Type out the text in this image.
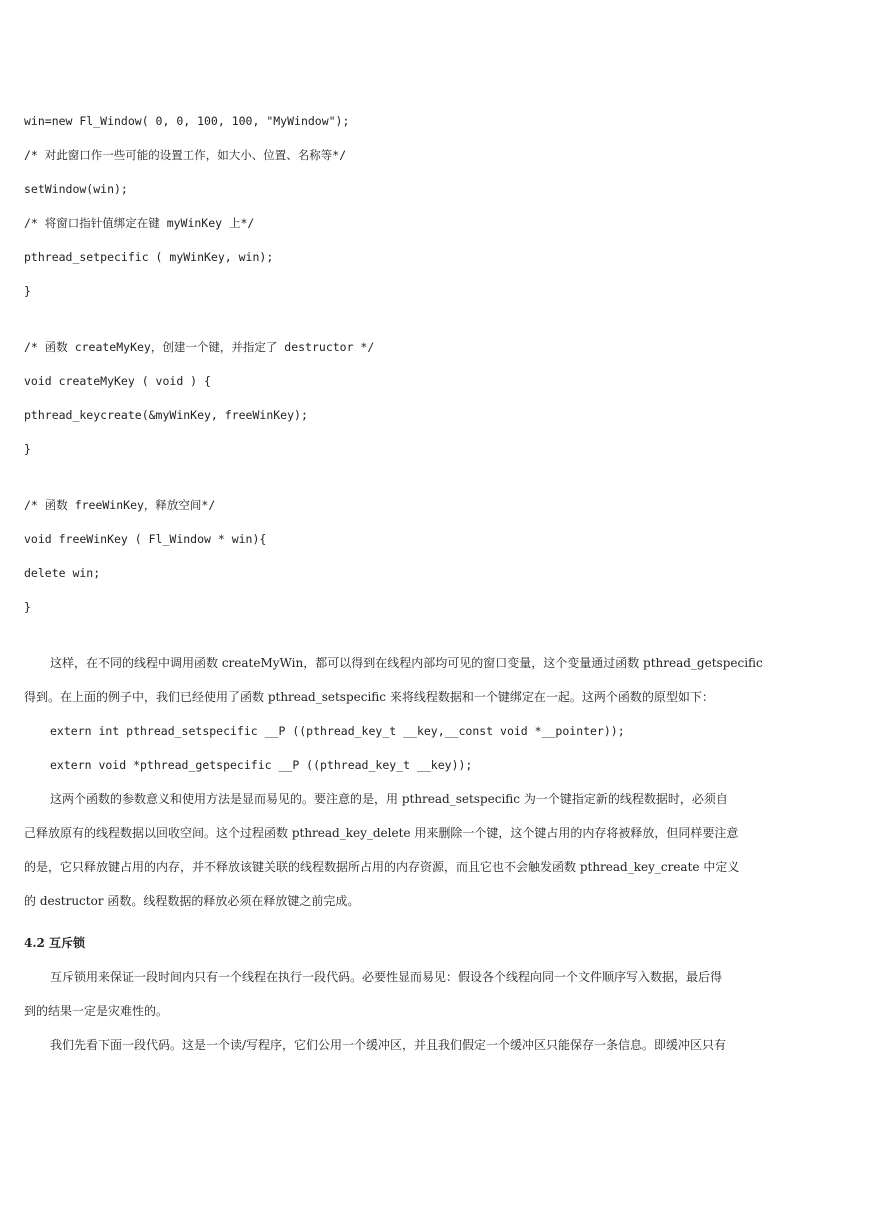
win=new Fl_Window( 0, 0, 100, 100, "MyWindow");
/* 对此窗口作一些可能的设置工作，如大小、位置、名称等*/
setWindow(win);
/* 将窗口指针值绑定在键 myWinKey 上*/
pthread_setpecific ( myWinKey, win);
}
/* 函数 createMyKey，创建一个键，并指定了 destructor */
void createMyKey ( void ) {
pthread_keycreate(&myWinKey, freeWinKey);
}
/* 函数 freeWinKey，释放空间*/
void freeWinKey ( Fl_Window * win){
delete win;
}
这样，在不同的线程中调用函数 createMyWin，都可以得到在线程内部均可见的窗口变量，这个变量通过函数 pthread_getspecific
得到。在上面的例子中，我们已经使用了函数 pthread_setspecific 来将线程数据和一个键绑定在一起。这两个函数的原型如下：
extern int pthread_setspecific __P ((pthread_key_t __key,__const void *__pointer));
extern void *pthread_getspecific __P ((pthread_key_t __key));
这两个函数的参数意义和使用方法是显而易见的。要注意的是，用 pthread_setspecific 为一个键指定新的线程数据时，必须自
己释放原有的线程数据以回收空间。这个过程函数 pthread_key_delete 用来删除一个键，这个键占用的内存将被释放，但同样要注意
的是，它只释放键占用的内存，并不释放该键关联的线程数据所占用的内存资源，而且它也不会触发函数 pthread_key_create 中定义
的 destructor 函数。线程数据的释放必须在释放键之前完成。
4.2 互斥锁
互斥锁用来保证一段时间内只有一个线程在执行一段代码。必要性显而易见：假设各个线程向同一个文件顺序写入数据，最后得
到的结果一定是灾难性的。
我们先看下面一段代码。这是一个读/写程序，它们公用一个缓冲区，并且我们假定一个缓冲区只能保存一条信息。即缓冲区只有
